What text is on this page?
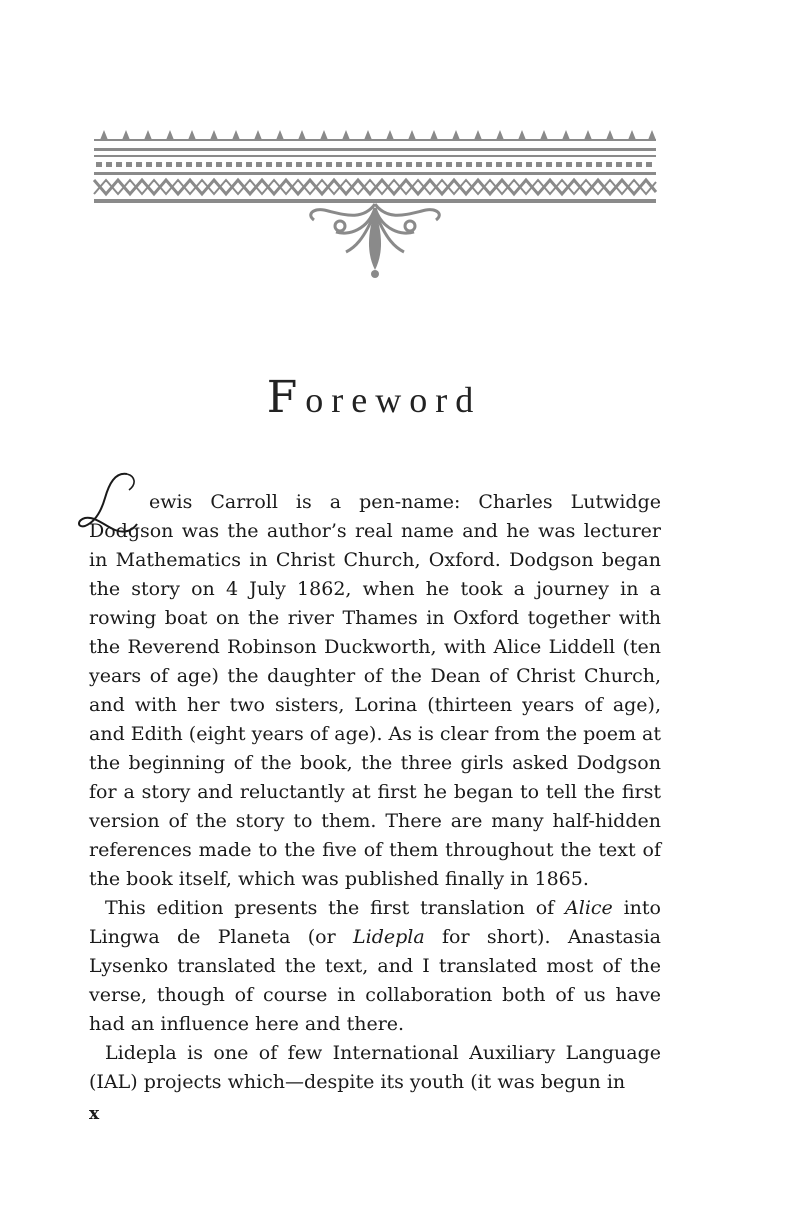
Foreword

ewis Carroll is a pen-name: Charles Lutwidge Dodgson was the author’s real name and he was lecturer in Mathematics in Christ Church, Oxford. Dodgson began the story on 4 July 1862, when he took a journey in a rowing boat on the river Thames in Oxford together with the Reverend Robinson Duckworth, with Alice Liddell (ten years of age) the daughter of the Dean of Christ Church, and with her two sisters, Lorina (thirteen years of age), and Edith (eight years of age). As is clear from the poem at the beginning of the book, the three girls asked Dodgson for a story and reluctantly at first he began to tell the first version of the story to them. There are many half-hidden references made to the five of them throughout the text of the book itself, which was published finally in 1865.

This edition presents the first translation of Alice into Lingwa de Planeta (or Lidepla for short). Anastasia Lysenko translated the text, and I translated most of the verse, though of course in collaboration both of us have had an influence here and there.

Lidepla is one of few International Auxiliary Language (IAL) projects which—despite its youth (it was begun in

x
